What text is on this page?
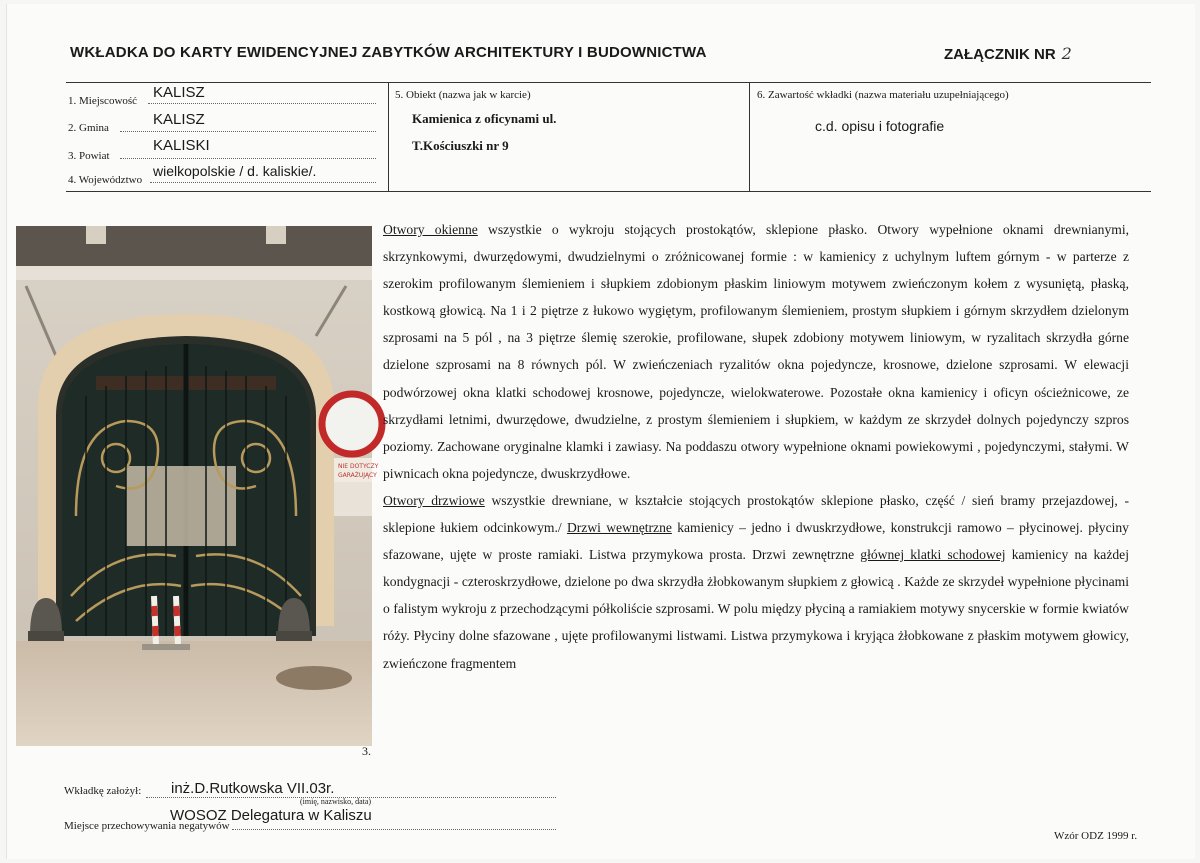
WKŁADKA DO KARTY EWIDENCYJNEJ ZABYTKÓW ARCHITEKTURY I BUDOWNICTWA	ZAŁĄCZNIK NR 2
1. Miejscowość KALISZ
2. Gmina	KALISZ
3. Powiat
KALISKI
4. Województwo
wielkopolskie / d. kaliskie/.
5. Obiekt (nazwa jak w karcie)
Kamienica z oficynami ul.
T.Kościuszki nr 9
6. Zawartość wkładki (nazwa materiału uzupełniającego)
c.d. opisu i fotografie
NIE DOTYCZY
GARAŻUJĄCY
3.

Otwory okienne wszystkie o wykroju stojących prostokątów, sklepione płasko. Otwory wypełnione oknami drewnianymi, skrzynkowymi, dwurzędowymi, dwudzielnymi o zróżnicowanej formie : w kamienicy z uchylnym luftem górnym - w parterze z szerokim profilowanym ślemieniem i słupkiem zdobionym płaskim liniowym motywem zwieńczonym kołem z wysuniętą, płaską, kostkową głowicą. Na 1 i 2 piętrze z łukowo wygiętym, profilowanym ślemieniem, prostym słupkiem i górnym skrzydłem dzielonym szprosami na 5 pól , na 3 piętrze ślemię szerokie, profilowane, słupek zdobiony motywem liniowym, w ryzalitach skrzydła górne dzielone szprosami na 8 równych pól. W zwieńczeniach ryzalitów okna pojedyncze, krosnowe, dzielone szprosami. W elewacji podwórzowej okna klatki schodowej krosnowe, pojedyncze, wielokwaterowe. Pozostałe okna kamienicy i oficyn ościeżnicowe, ze skrzydłami letnimi, dwurzędowe, dwudzielne, z prostym ślemieniem i słupkiem, w każdym ze skrzydeł dolnych pojedynczy szpros poziomy. Zachowane oryginalne klamki i zawiasy. Na poddaszu otwory wypełnione oknami powiekowymi , pojedynczymi, stałymi. W piwnicach okna pojedyncze, dwuskrzydłowe.

Otwory drzwiowe wszystkie drewniane, w kształcie stojących prostokątów sklepione płasko, część / sień bramy przejazdowej, - sklepione łukiem odcinkowym./ Drzwi wewnętrzne kamienicy – jedno i dwuskrzydłowe, konstrukcji ramowo – płycinowej. płyciny sfazowane, ujęte w proste ramiaki. Listwa przymykowa prosta. Drzwi zewnętrzne głównej klatki schodowej kamienicy na każdej kondygnacji - czteroskrzydłowe, dzielone po dwa skrzydła żłobkowanym słupkiem z głowicą . Każde ze skrzydeł wypełnione płycinami o falistym wykroju z przechodzącymi półkoliście szprosami. W polu między płyciną a ramiakiem motywy snycerskie w formie kwiatów róży. Płyciny dolne sfazowane , ujęte profilowanymi listwami. Listwa przymykowa i kryjąca żłobkowane z płaskim motywem głowicy, zwieńczone fragmentem

Wkładkę założył: inż.D.Rutkowska VII.03r.
(imię, nazwisko, data)
Miejsce przechowywania negatywów
WOSOZ Delegatura w Kaliszu
Wzór ODZ 1999 r.
